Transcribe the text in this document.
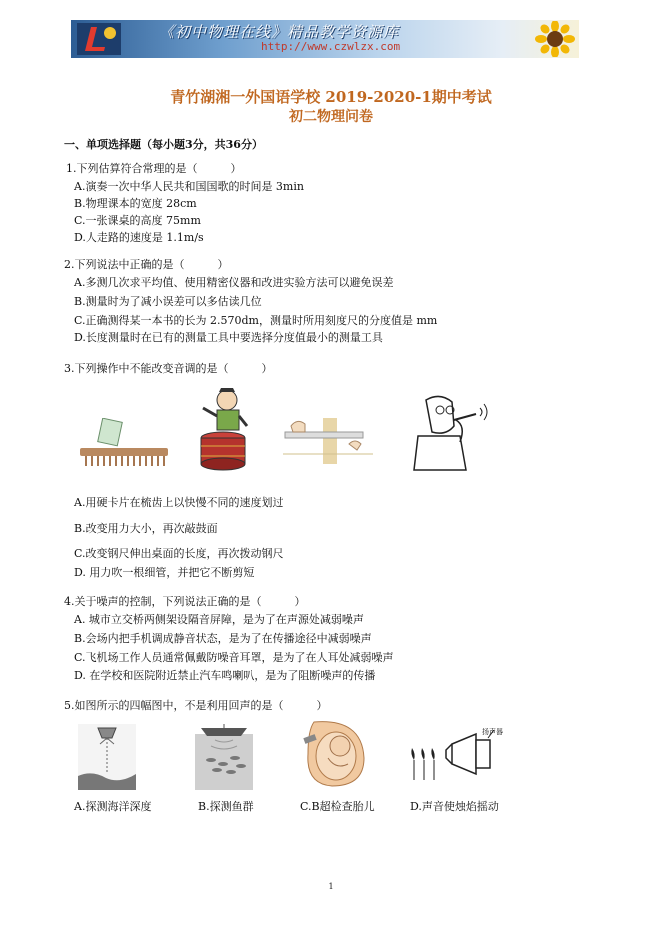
《初中物理在线》精品教学资源库
http://www.czwlzx.com
青竹湖湘一外国语学校 2019-2020-1期中考试
初二物理问卷
一、单项选择题（每小题3分，共36分）
1.下列估算符合常理的是（　　　）
A.演奏一次中华人民共和国国歌的时间是 3min
B.物理课本的宽度 28cm
C.一张课桌的高度 75mm
D.人走路的速度是 1.1m/s
2.下列说法中正确的是（　　　）
A.多测几次求平均值、使用精密仪器和改进实验方法可以避免误差
B.测量时为了减小误差可以多估读几位
C.正确测得某一本书的长为 2.570dm，测量时所用刻度尺的分度值是 mm
D.长度测量时在已有的测量工具中要选择分度值最小的测量工具
3.下列操作中不能改变音调的是（　　　）
A.用硬卡片在梳齿上以快慢不同的速度划过
B.改变用力大小，再次敲鼓面
C.改变钢尺伸出桌面的长度，再次拨动钢尺
D. 用力吹一根细管，并把它不断剪短
4.关于噪声的控制，下列说法正确的是（　　　）
A. 城市立交桥两侧架设隔音屏障，是为了在声源处减弱噪声
B.会场内把手机调成静音状态，是为了在传播途径中减弱噪声
C.飞机场工作人员通常佩戴防噪音耳罩，是为了在人耳处减弱噪声
D. 在学校和医院附近禁止汽车鸣喇叭，是为了阻断噪声的传播
5.如图所示的四幅图中，不是利用回声的是（　　　）
扬声器
A.探测海洋深度	B.探测鱼群	C.B超检查胎儿	D.声音使烛焰摇动
1
